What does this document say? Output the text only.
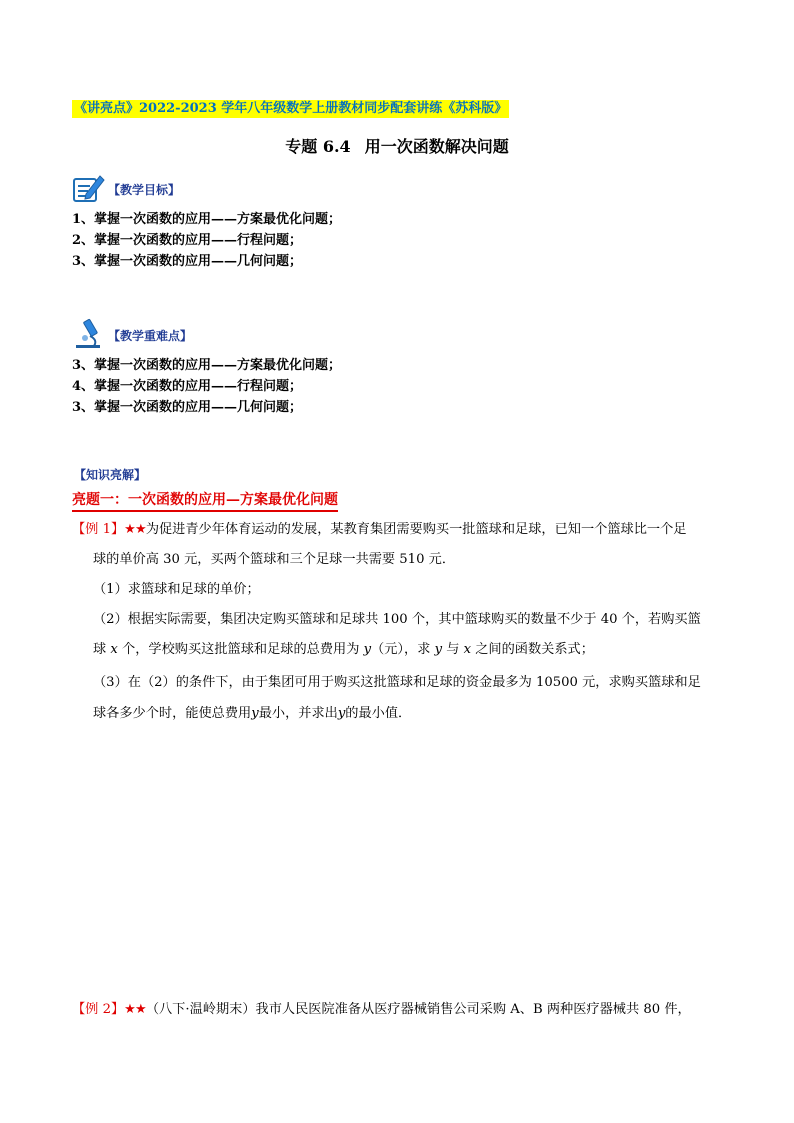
《讲亮点》2022-2023 学年八年级数学上册教材同步配套讲练《苏科版》
专题 6.4 用一次函数解决问题
【教学目标】
1、掌握一次函数的应用——方案最优化问题；
2、掌握一次函数的应用——行程问题；
3、掌握一次函数的应用——几何问题；
【教学重难点】
3、掌握一次函数的应用——方案最优化问题；
4、掌握一次函数的应用——行程问题；
3、掌握一次函数的应用——几何问题；
【知识亮解】
亮题一：一次函数的应用—方案最优化问题
【例 1】★★为促进青少年体育运动的发展，某教育集团需要购买一批篮球和足球，已知一个篮球比一个足
球的单价高 30 元，买两个篮球和三个足球一共需要 510 元．
（1）求篮球和足球的单价；
（2）根据实际需要，集团决定购买篮球和足球共 100 个，其中篮球购买的数量不少于 40 个，若购买篮
球 x 个，学校购买这批篮球和足球的总费用为 y（元），求 y 与 x 之间的函数关系式；
（3）在（2）的条件下，由于集团可用于购买这批篮球和足球的资金最多为 10500 元，求购买篮球和足
球各多少个时，能使总费用y最小，并求出y的最小值．
【例 2】★★（八下·温岭期末）我市人民医院准备从医疗器械销售公司采购 A、B 两种医疗器械共 80 件，
